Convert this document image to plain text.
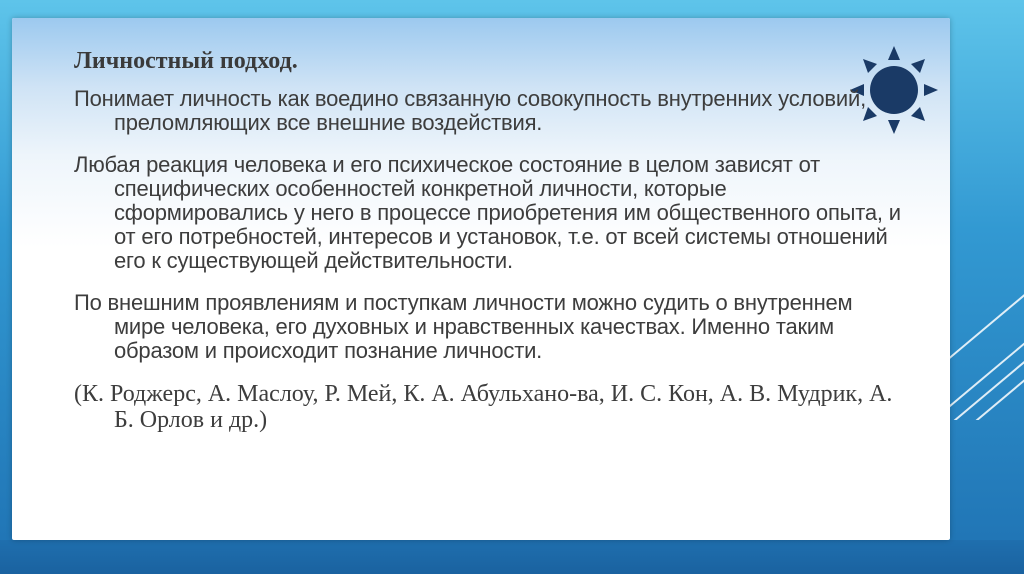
Личностный подход.

Понимает личность как воедино связанную совокупность внутренних условий, преломляющих все внешние воздействия.

Любая реакция человека и его психическое состояние в целом зависят от специфических особенностей конкретной личности, которые сформировались у него в процессе приобретения им общественного опыта, и от его потребностей, интересов и установок, т.е. от всей системы отношений его к существующей действительности.

По внешним проявлениям и поступкам личности можно судить о внутреннем мире человека, его духовных и нравственных качествах. Именно таким образом и происходит познание личности.

(К. Роджерс, А. Маслоу, Р. Мей, К. А. Абульхано-ва, И. С. Кон, А. В. Мудрик, А. Б. Орлов и др.)
